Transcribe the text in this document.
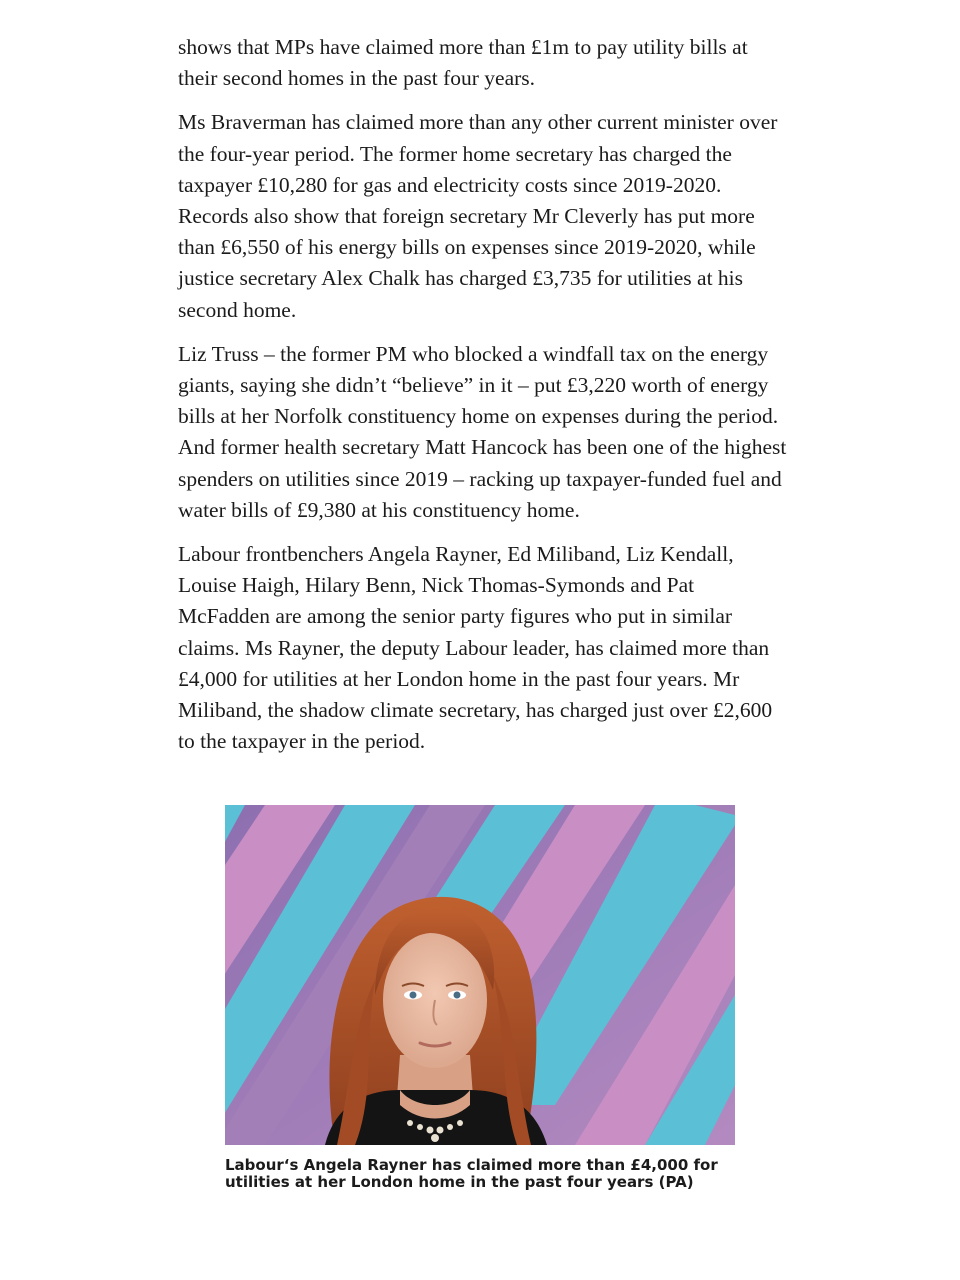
shows that MPs have claimed more than £1m to pay utility bills at their second homes in the past four years.

Ms Braverman has claimed more than any other current minister over the four-year period. The former home secretary has charged the taxpayer £10,280 for gas and electricity costs since 2019-2020. Records also show that foreign secretary Mr Cleverly has put more than £6,550 of his energy bills on expenses since 2019-2020, while justice secretary Alex Chalk has charged £3,735 for utilities at his second home.

Liz Truss – the former PM who blocked a windfall tax on the energy giants, saying she didn’t “believe” in it – put £3,220 worth of energy bills at her Norfolk constituency home on expenses during the period. And former health secretary Matt Hancock has been one of the highest spenders on utilities since 2019 – racking up taxpayer-funded fuel and water bills of £9,380 at his constituency home.

Labour frontbenchers Angela Rayner, Ed Miliband, Liz Kendall, Louise Haigh, Hilary Benn, Nick Thomas-Symonds and Pat McFadden are among the senior party figures who put in similar claims. Ms Rayner, the deputy Labour leader, has claimed more than £4,000 for utilities at her London home in the past four years. Mr Miliband, the shadow climate secretary, has charged just over £2,600 to the taxpayer in the period.

Labour‘s Angela Rayner has claimed more than £4,000 for utilities at her London home in the past four years (PA)
